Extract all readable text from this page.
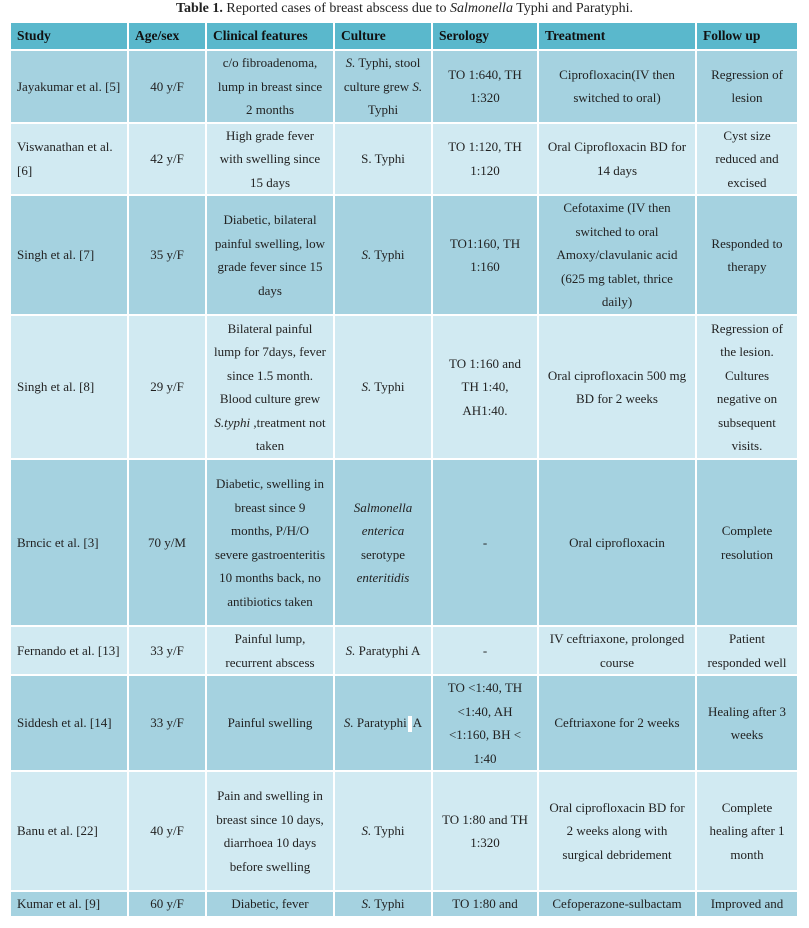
Table 1. Reported cases of breast abscess due to Salmonella Typhi and Paratyphi.
Study	Age/sex	Clinical features	Culture	Serology	Treatment	Follow up
Jayakumar et al. [5]	40 y/F	c/o fibroadenoma, lump in breast since 2 months	S. Typhi, stool culture grew S. Typhi	TO 1:640, TH 1:320	Ciprofloxacin(IV then switched to oral)	Regression of lesion
Viswanathan et al. [6]	42 y/F	High grade fever with swelling since 15 days	S. Typhi	TO 1:120, TH 1:120	Oral Ciprofloxacin BD for 14 days	Cyst size reduced and excised
Singh et al. [7]	35 y/F	Diabetic, bilateral painful swelling, low grade fever since 15 days	S. Typhi	TO1:160, TH 1:160	Cefotaxime (IV then switched to oral Amoxy/clavulanic acid (625 mg tablet, thrice daily)	Responded to therapy
Singh et al. [8]	29 y/F	Bilateral painful lump for 7days, fever since 1.5 month. Blood culture grew S.typhi ,treatment not taken	S. Typhi	TO 1:160 and TH 1:40, AH1:40.	Oral ciprofloxacin 500 mg BD for 2 weeks	Regression of the lesion. Cultures negative on subsequent visits.
Brncic et al. [3]	70 y/M	Diabetic, swelling in breast since 9 months, P/H/O severe gastroenteritis 10 months back, no antibiotics taken	Salmonella enterica serotype enteritidis	-	Oral ciprofloxacin	Complete resolution
Fernando et al. [13]	33 y/F	Painful lump, recurrent abscess	S. Paratyphi A	-	IV ceftriaxone, prolonged course	Patient responded well
Siddesh et al. [14]	33 y/F	Painful swelling	S. Paratyphi A	TO <1:40, TH <1:40, AH <1:160, BH < 1:40	Ceftriaxone for 2 weeks	Healing after 3 weeks
Banu et al. [22]	40 y/F	Pain and swelling in breast since 10 days, diarrhoea 10 days before swelling	S. Typhi	TO 1:80 and TH 1:320	Oral ciprofloxacin BD for 2 weeks along with surgical debridement	Complete healing after 1 month
Kumar et al. [9]	60 y/F	Diabetic, fever	S. Typhi	TO 1:80 and	Cefoperazone-sulbactam	Improved and
